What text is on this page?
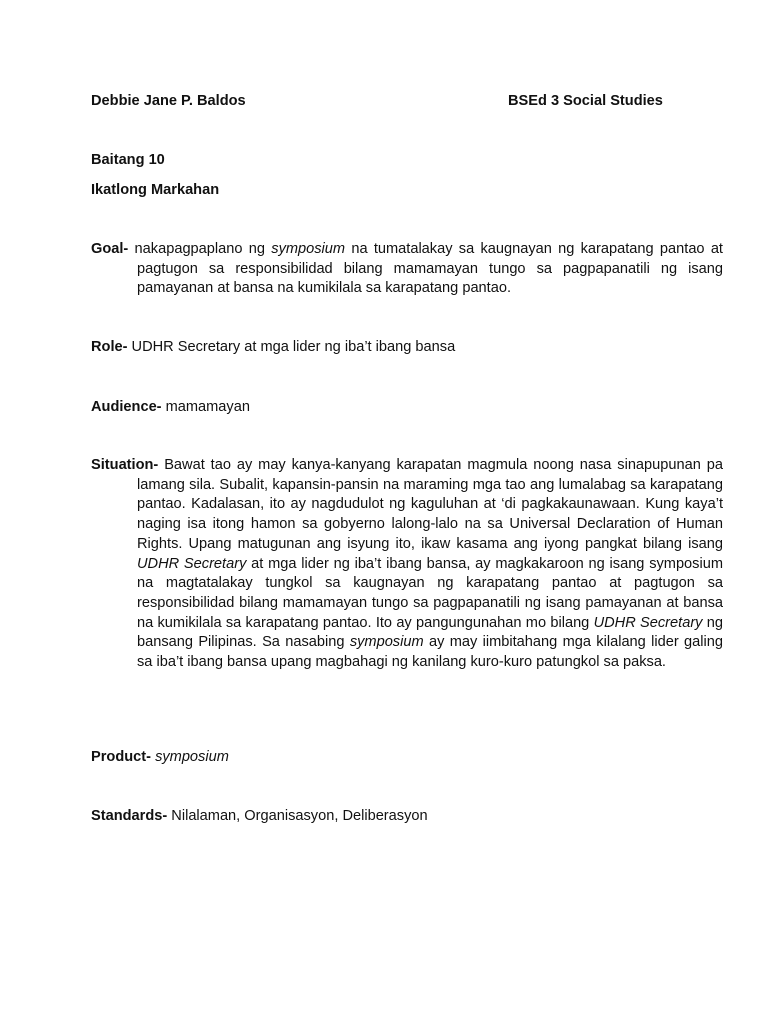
Debbie Jane P. Baldos	BSEd 3 Social Studies
Baitang 10
Ikatlong Markahan
Goal- nakapagpaplano ng symposium na tumatalakay sa kaugnayan ng karapatang pantao at pagtugon sa responsibilidad bilang mamamayan tungo sa pagpapanatili ng isang pamayanan at bansa na kumikilala sa karapatang pantao.
Role- UDHR Secretary at mga lider ng iba’t ibang bansa
Audience- mamamayan
Situation- Bawat tao ay may kanya-kanyang karapatan magmula noong nasa sinapupunan pa lamang sila. Subalit, kapansin-pansin na maraming mga tao ang lumalabag sa karapatang pantao. Kadalasan, ito ay nagdudulot ng kaguluhan at ‘di pagkakaunawaan. Kung kaya’t naging isa itong hamon sa gobyerno lalong-lalo na sa Universal Declaration of Human Rights. Upang matugunan ang isyung ito, ikaw kasama ang iyong pangkat bilang isang UDHR Secretary at mga lider ng iba’t ibang bansa, ay magkakaroon ng isang symposium na magtatalakay tungkol sa kaugnayan ng karapatang pantao at pagtugon sa responsibilidad bilang mamamayan tungo sa pagpapanatili ng isang pamayanan at bansa na kumikilala sa karapatang pantao. Ito ay pangungunahan mo bilang UDHR Secretary ng bansang Pilipinas. Sa nasabing symposium ay may iimbitahang mga kilalang lider galing sa iba’t ibang bansa upang magbahagi ng kanilang kuro-kuro patungkol sa paksa.
Product- symposium
Standards- Nilalaman, Organisasyon, Deliberasyon
